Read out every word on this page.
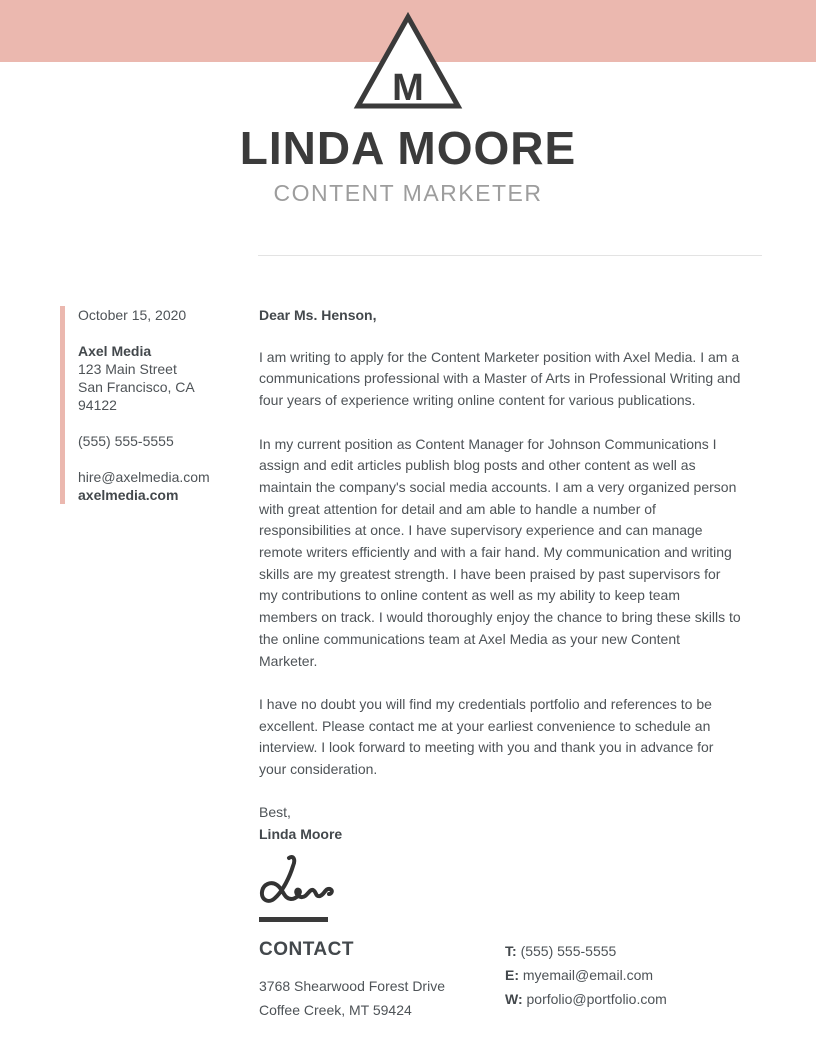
M
LINDA MOORE
CONTENT MARKETER

October 15, 2020

Axel Media

123 Main Street

San Francisco, CA

94122

(555) 555-5555

hire@axelmedia.com

axelmedia.com

Dear Ms. Henson,

I am writing to apply for the Content Marketer position with Axel Media. I am a communications professional with a Master of Arts in Professional Writing and four years of experience writing online content for various publications.

In my current position as Content Manager for Johnson Communications I assign and edit articles publish blog posts and other content as well as maintain the company's social media accounts. I am a very organized person with great attention for detail and am able to handle a number of responsibilities at once. I have supervisory experience and can manage remote writers efficiently and with a fair hand. My communication and writing skills are my greatest strength. I have been praised by past supervisors for my contributions to online content as well as my ability to keep team members on track. I would thoroughly enjoy the chance to bring these skills to the online communications team at Axel Media as your new Content Marketer.

I have no doubt you will find my credentials portfolio and references to be excellent. Please contact me at your earliest convenience to schedule an interview. I look forward to meeting with you and thank you in advance for your consideration.

Best,

Linda Moore

CONTACT

3768 Shearwood Forest Drive

Coffee Creek, MT 59424

T: (555) 555-5555

E: myemail@email.com

W: porfolio@portfolio.com
